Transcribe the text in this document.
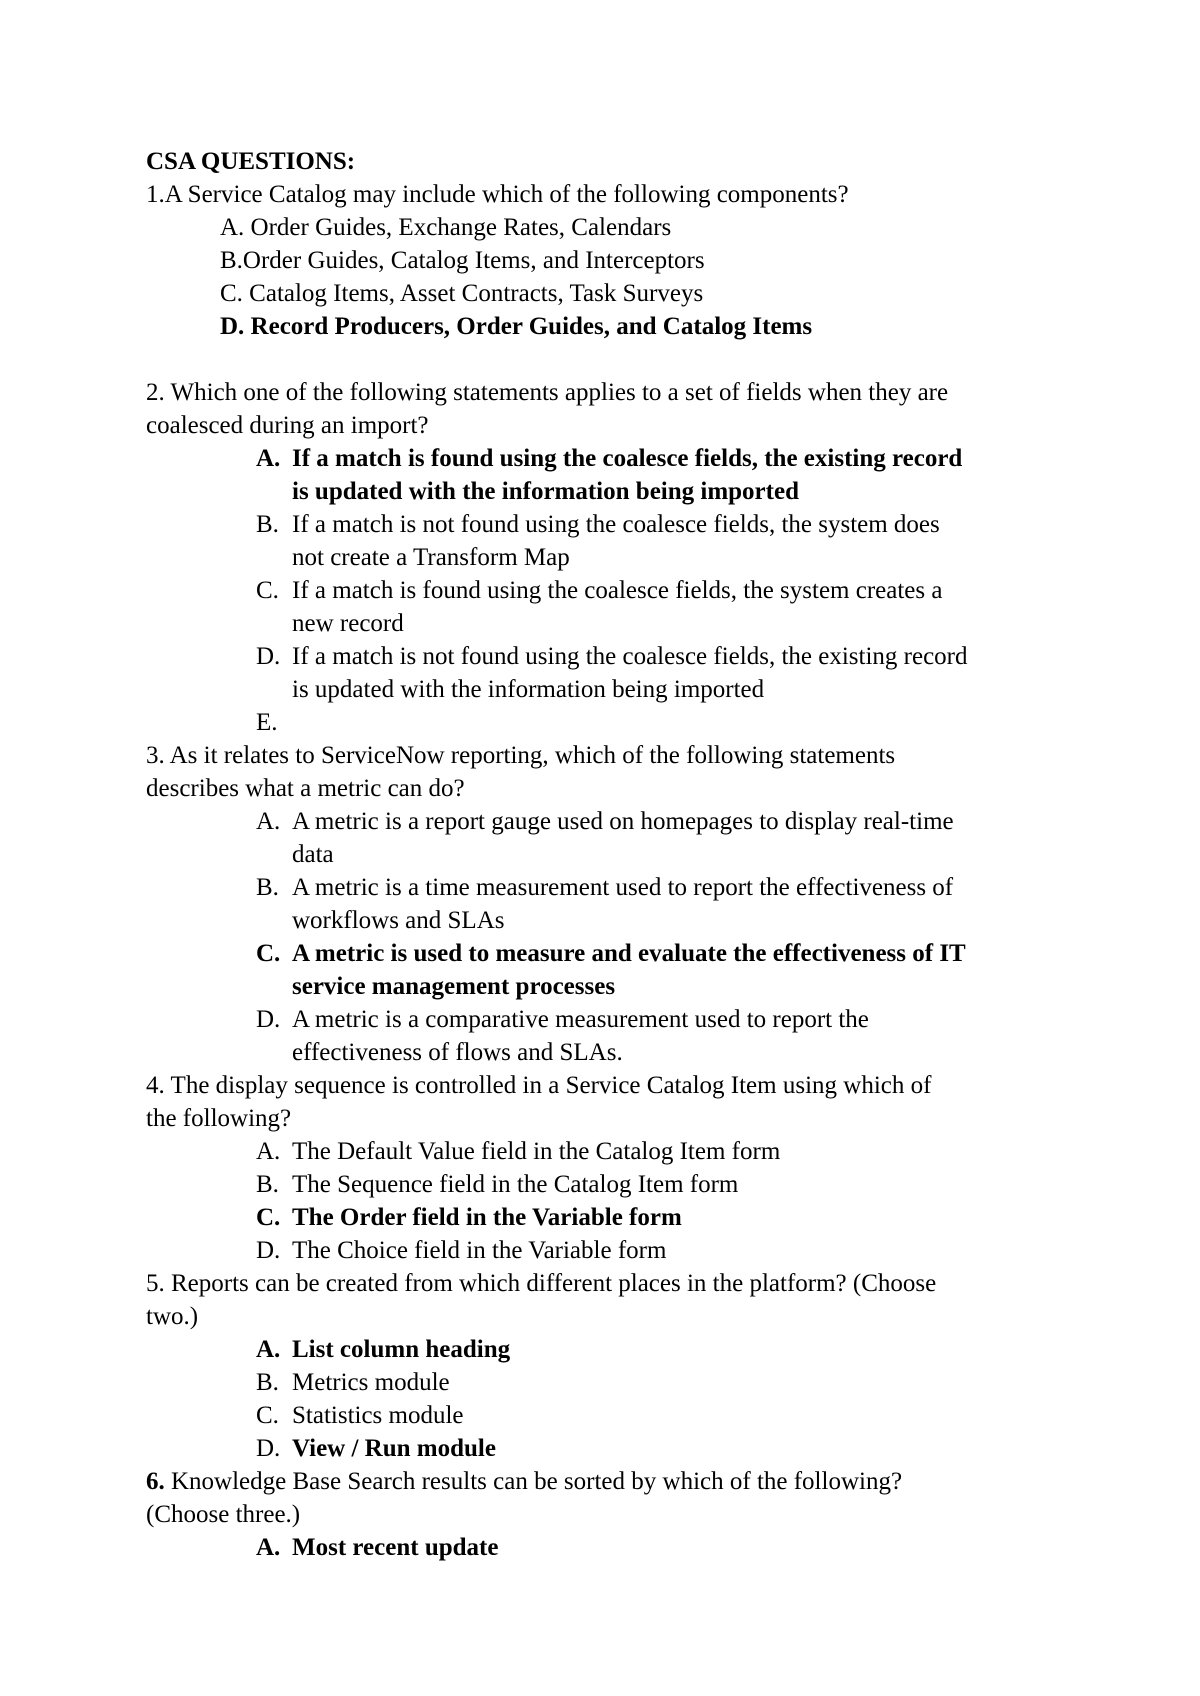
CSA QUESTIONS:
1.A Service Catalog may include which of the following components?
A. Order Guides, Exchange Rates, Calendars
B.Order Guides, Catalog Items, and Interceptors
C. Catalog Items, Asset Contracts, Task Surveys
D. Record Producers, Order Guides, and Catalog Items
2. Which one of the following statements applies to a set of fields when they are
coalesced during an import?
A. If a match is found using the coalesce fields, the existing record
is updated with the information being imported
B. If a match is not found using the coalesce fields, the system does
not create a Transform Map
C. If a match is found using the coalesce fields, the system creates a
new record
D. If a match is not found using the coalesce fields, the existing record
is updated with the information being imported
E.
3. As it relates to ServiceNow reporting, which of the following statements
describes what a metric can do?
A. A metric is a report gauge used on homepages to display real-time
data
B. A metric is a time measurement used to report the effectiveness of
workflows and SLAs
C. A metric is used to measure and evaluate the effectiveness of IT
service management processes
D. A metric is a comparative measurement used to report the
effectiveness of flows and SLAs.
4. The display sequence is controlled in a Service Catalog Item using which of
the following?
A. The Default Value field in the Catalog Item form
B. The Sequence field in the Catalog Item form
C. The Order field in the Variable form
D. The Choice field in the Variable form
5. Reports can be created from which different places in the platform? (Choose
two.)
A. List column heading
B. Metrics module
C. Statistics module
D. View / Run module
6. Knowledge Base Search results can be sorted by which of the following?
(Choose three.)
A. Most recent update
